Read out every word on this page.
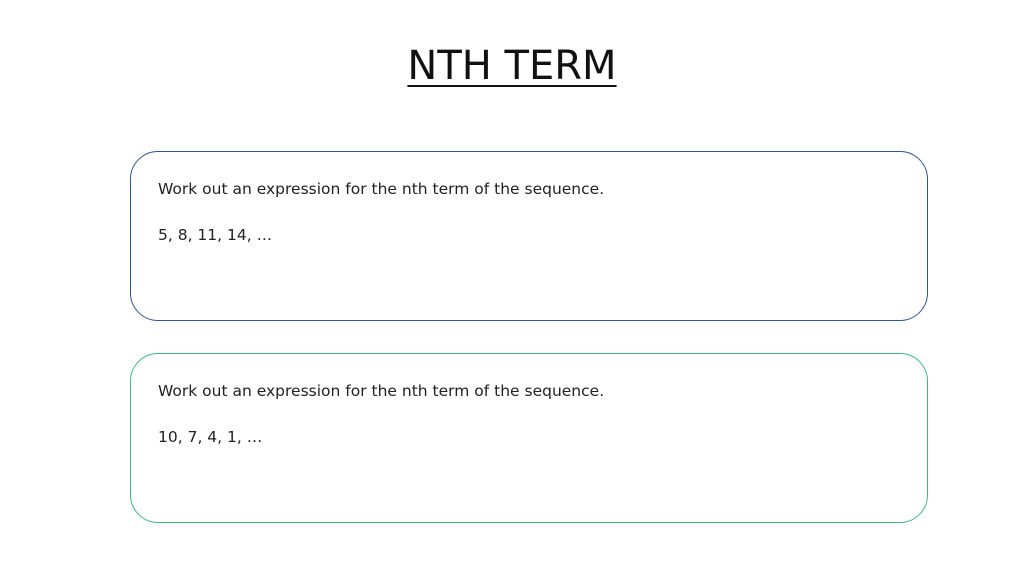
NTH TERM

Work out an expression for the nth term of the sequence.

5, 8, 11, 14, …

Work out an expression for the nth term of the sequence.

10, 7, 4, 1, …
